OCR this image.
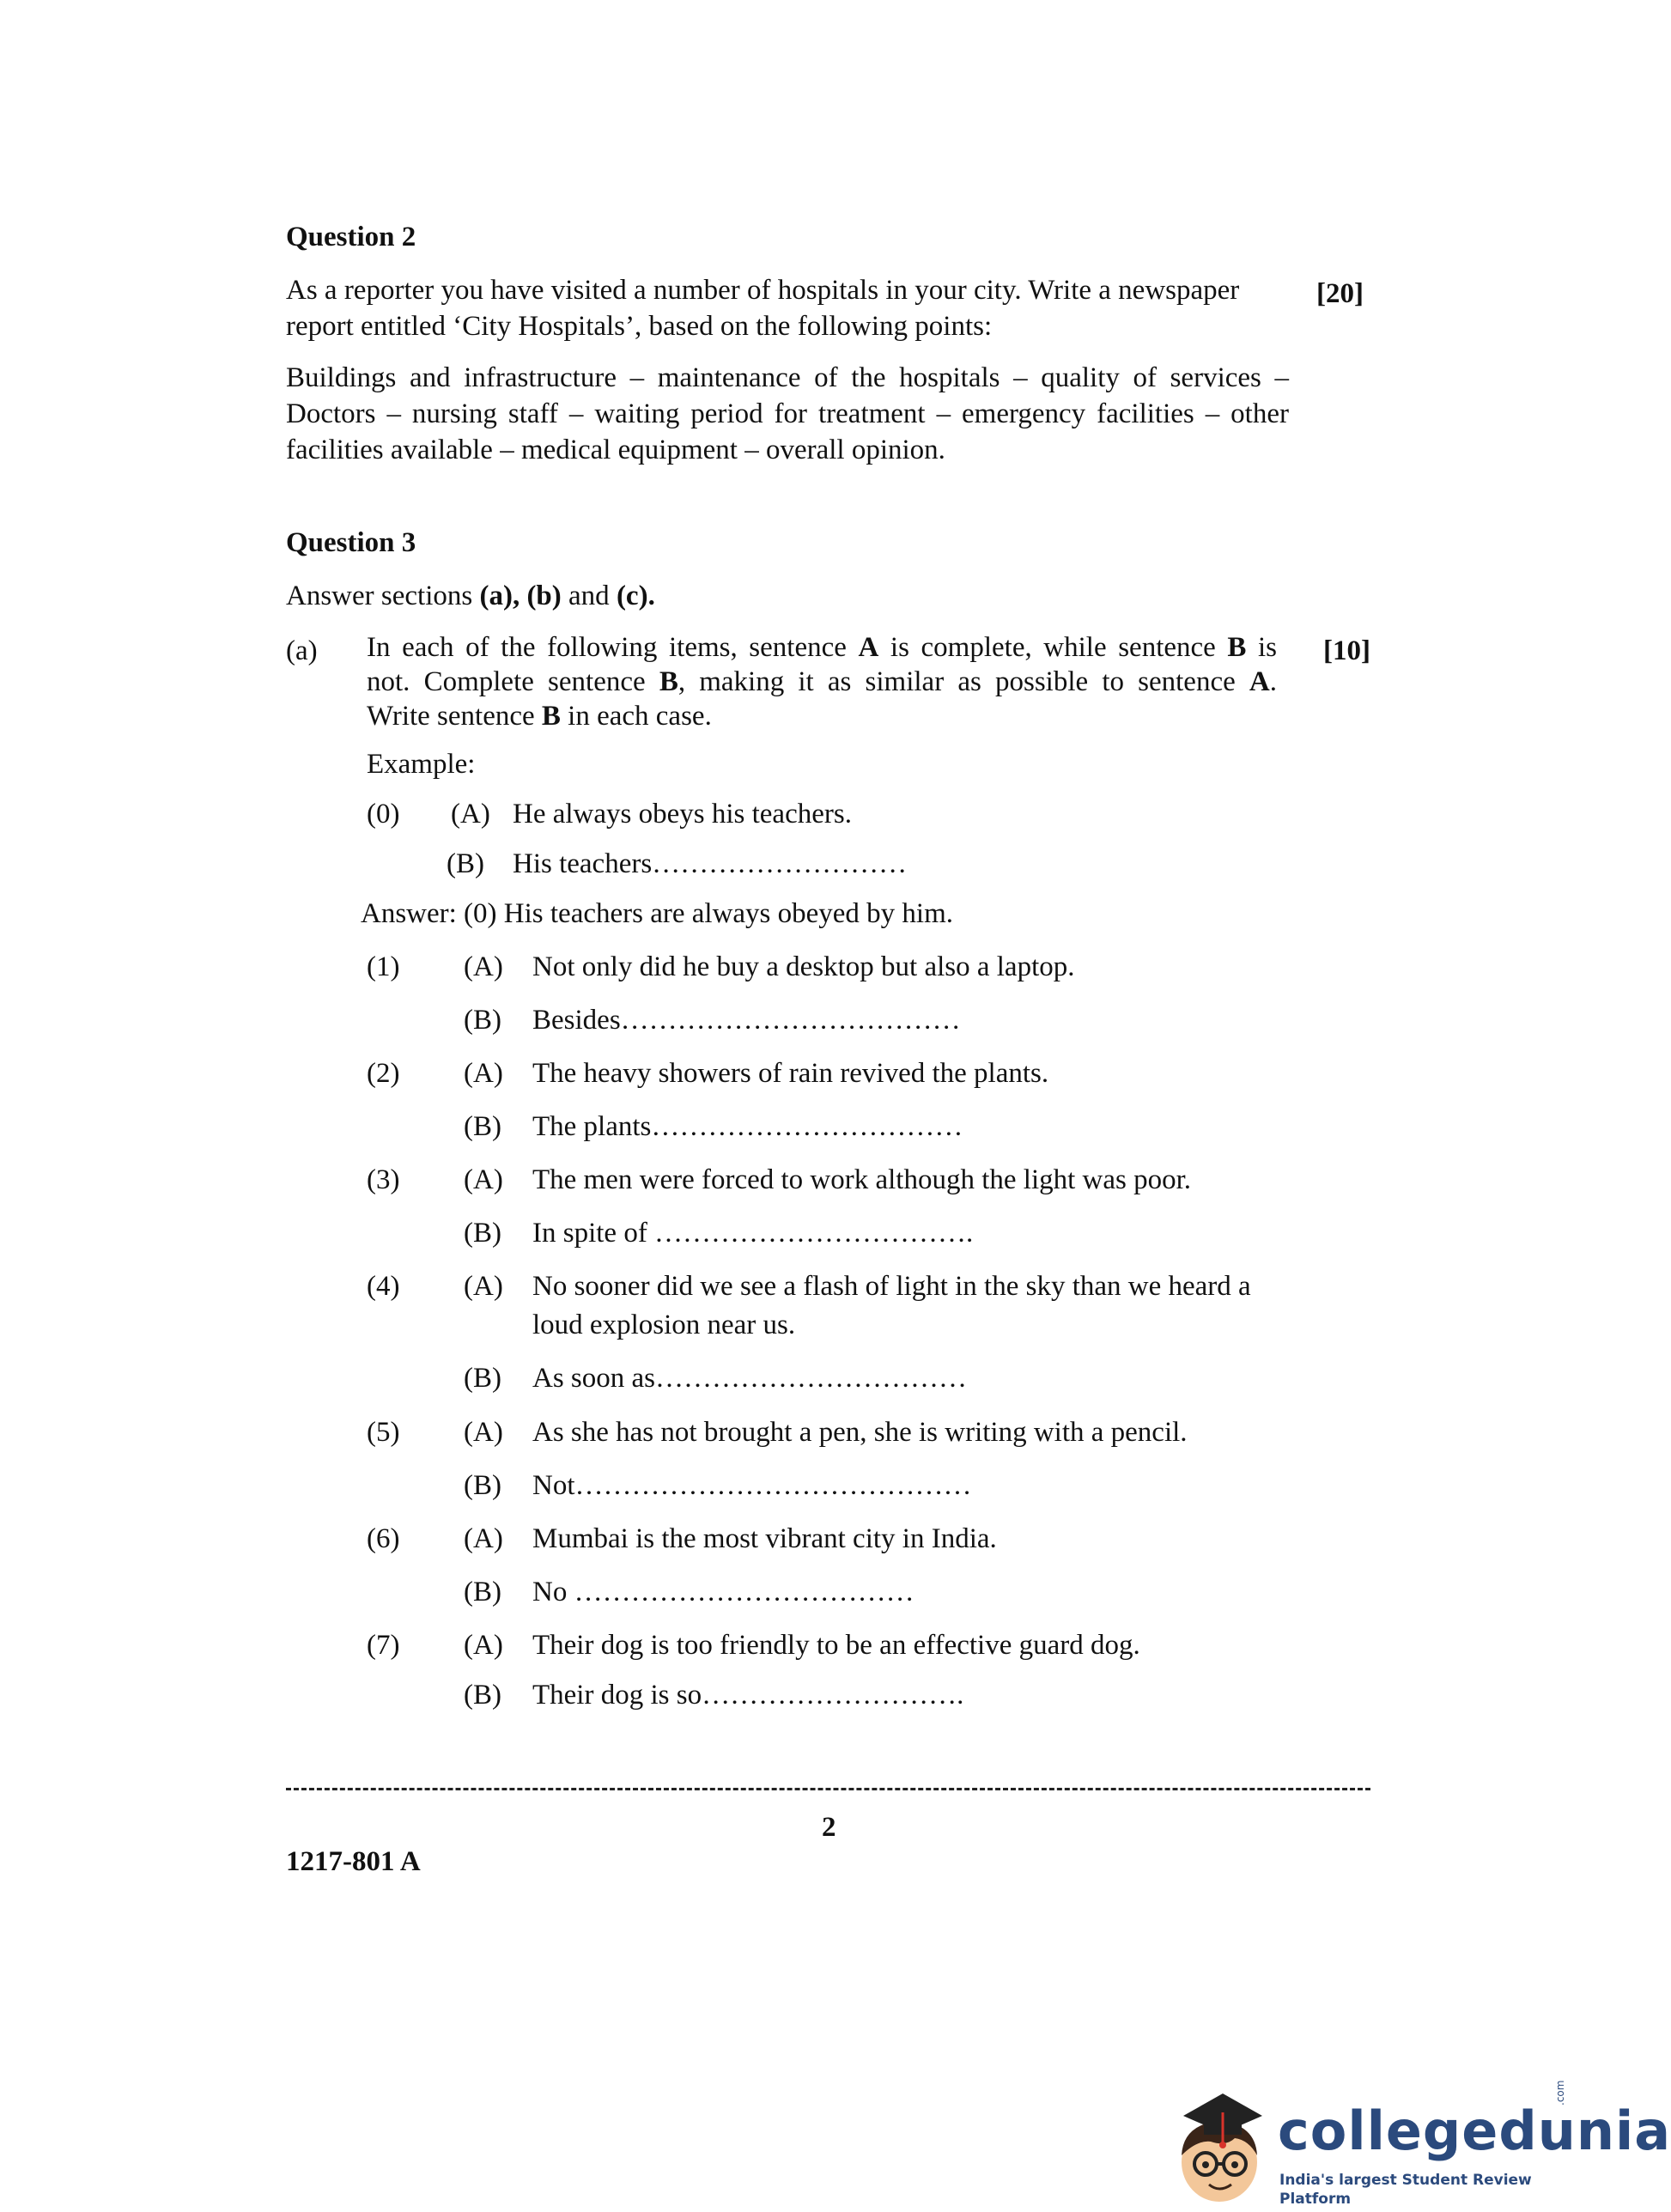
Question 2
As a reporter you have visited a number of hospitals in your city. Write a newspaper	[20]
report entitled ‘City Hospitals’, based on the following points:
Buildings and infrastructure – maintenance of the hospitals – quality of services –
Doctors – nursing staff – waiting period for treatment – emergency facilities – other
facilities available – medical equipment – overall opinion.
Question 3
Answer sections (a), (b) and (c).
(a)	[10]
In each of the following items, sentence A is complete, while sentence B is
not. Complete sentence B, making it as similar as possible to sentence A.
Write sentence B in each case.
Example:
(0) (A) He always obeys his teachers.
(B) His teachers………………………
Answer: (0) His teachers are always obeyed by him.
(1) (A) Not only did he buy a desktop but also a laptop.
(B) Besides………………………………
(2) (A) The heavy showers of rain revived the plants.
(B) The plants……………………………
(3) (A) The men were forced to work although the light was poor.
(B) In spite of …………………………….
(4) (A) No sooner did we see a flash of light in the sky than we heard a
loud explosion near us.
(B) As soon as……………………………
(5) (A) As she has not brought a pen, she is writing with a pencil.
(B) Not……………………………………
(6) (A) Mumbai is the most vibrant city in India.
(B) No ………………………………
(7) (A) Their dog is too friendly to be an effective guard dog.
(B) Their dog is so……………………….
2
1217-801 A
collegedunia
.com
India's largest Student Review Platform
